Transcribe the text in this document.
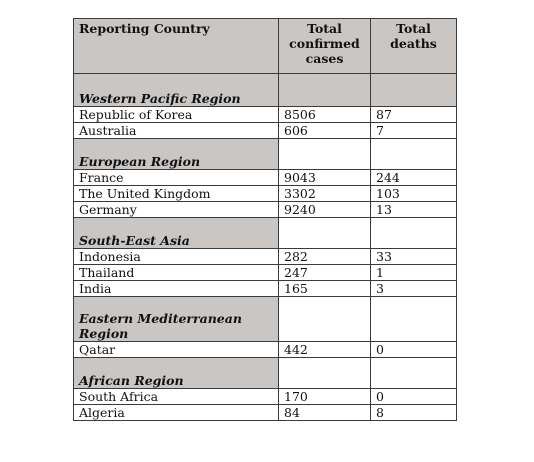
Reporting Country	Total confirmed cases	Total deaths
Western Pacific Region		
Republic of Korea	8506	87
Australia	606	7
European Region		
France	9043	244
The United Kingdom	3302	103
Germany	9240	13
South-East Asia		
Indonesia	282	33
Thailand	247	1
India	165	3
Eastern Mediterranean Region		
Qatar	442	0
African Region		
South Africa	170	0
Algeria	84	8
